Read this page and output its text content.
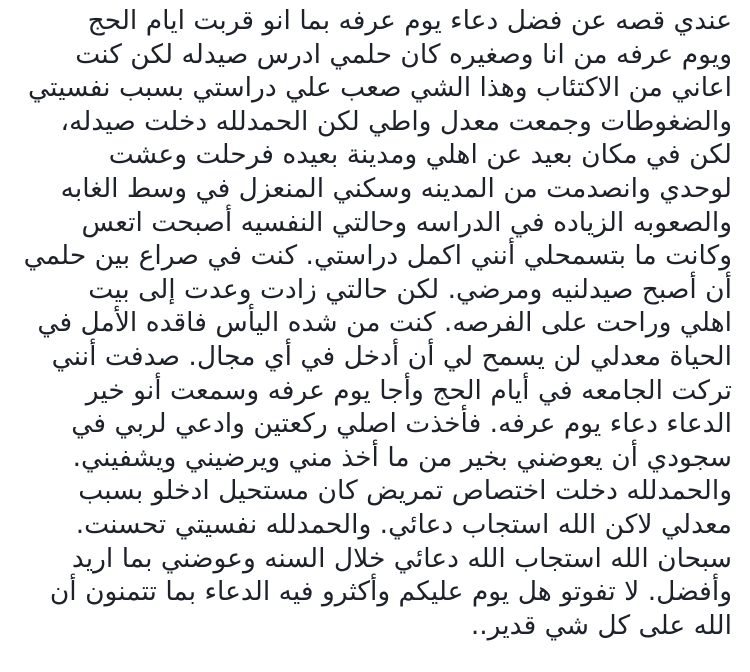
عندي قصه عن فضل دعاء يوم عرفه بما انو قربت ايام الحج
ويوم عرفه من انا وصغيره كان حلمي ادرس صيدله لكن كنت
اعاني من الاكتئاب وهذا الشي صعب علي دراستي بسبب نفسيتي
والضغوطات وجمعت معدل واطي لكن الحمدلله دخلت صيدله،
لكن في مكان بعيد عن اهلي ومدينة بعيده فرحلت وعشت
لوحدي وانصدمت من المدينه وسكني المنعزل في وسط الغابه
والصعوبه الزياده في الدراسه وحالتي النفسيه أصبحت اتعس
وكانت ما بتسمحلي أنني اكمل دراستي. كنت في صراع بين حلمي
أن أصبح صيدلنيه ومرضي. لكن حالتي زادت وعدت إلى بيت
اهلي وراحت على الفرصه. كنت من شده اليأس فاقده الأمل في
الحياة معدلي لن يسمح لي أن أدخل في أي مجال. صدفت أنني
تركت الجامعه في أيام الحج وأجا يوم عرفه وسمعت أنو خير
الدعاء دعاء يوم عرفه. فأخذت اصلي ركعتين وادعي لربي في
سجودي أن يعوضني بخير من ما أخذ مني ويرضيني ويشفيني.
والحمدلله دخلت اختصاص تمريض كان مستحيل ادخلو بسبب
معدلي لاكن الله استجاب دعائي. والحمدلله نفسيتي تحسنت.
سبحان الله استجاب الله دعائي خلال السنه وعوضني بما اريد
وأفضل. لا تفوتو هل يوم عليكم وأكثرو فيه الدعاء بما تتمنون أن
الله على كل شي قدير..
